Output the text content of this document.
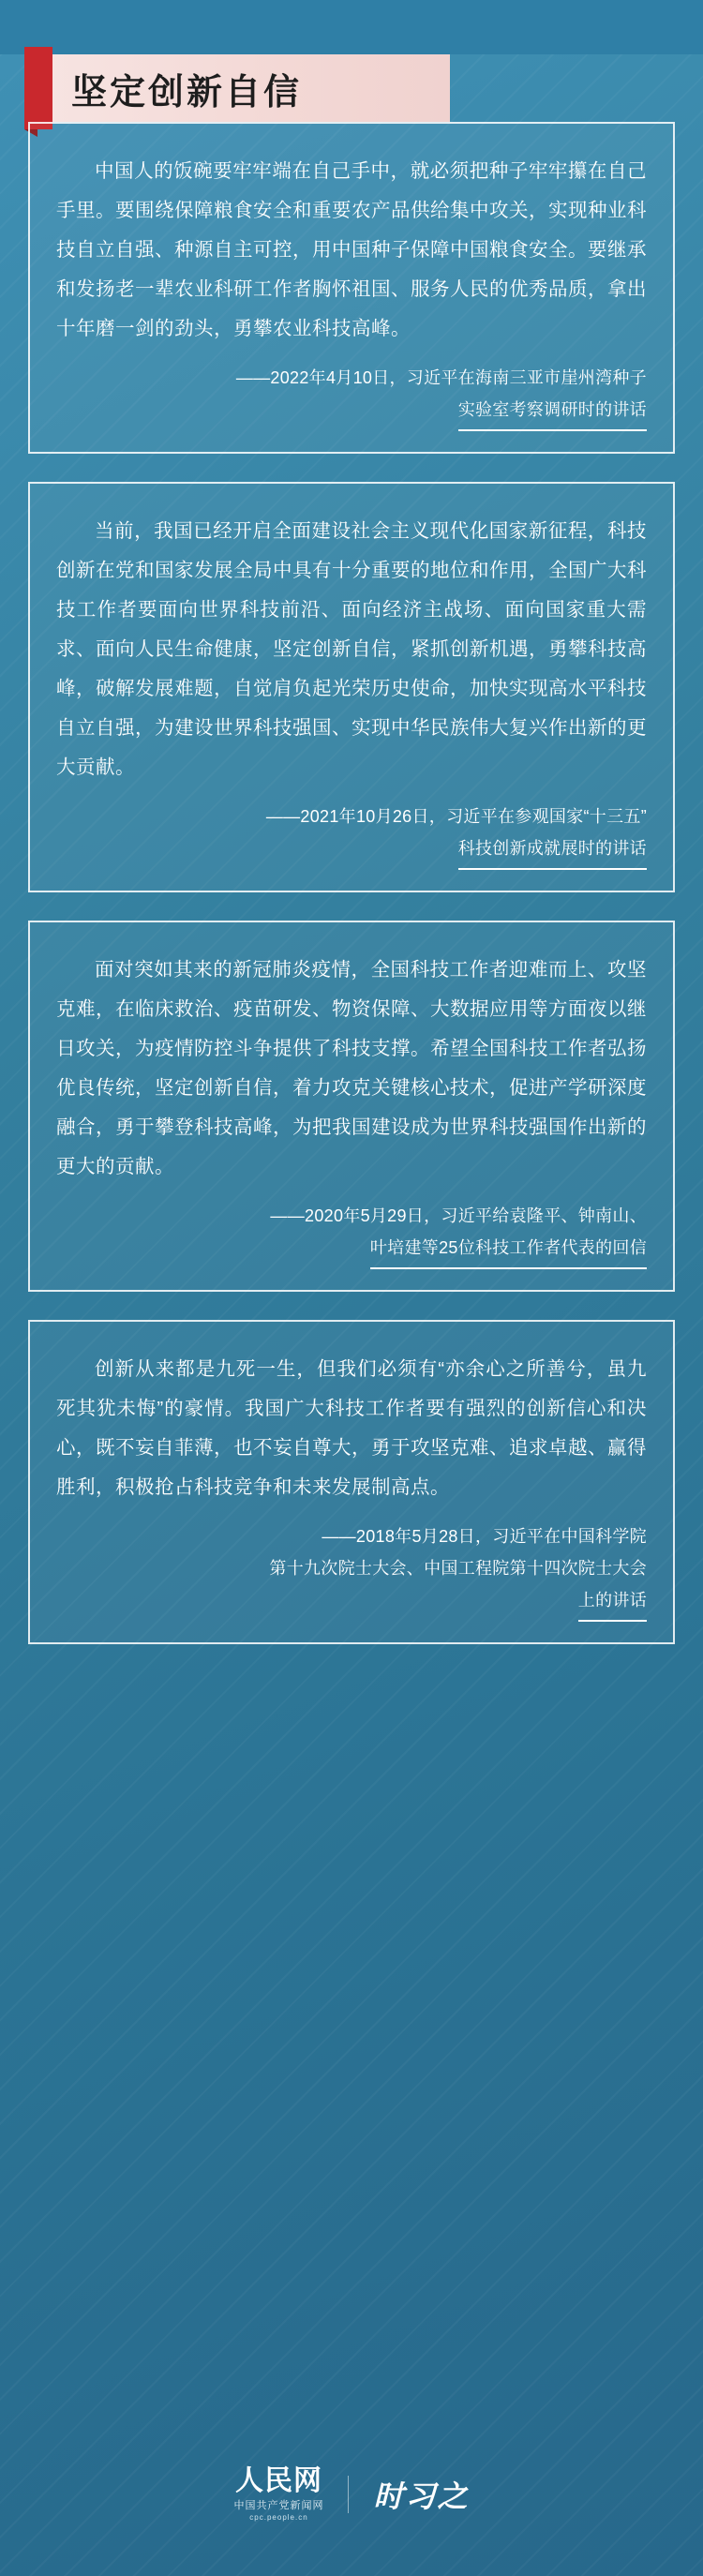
坚定创新自信
中国人的饭碗要牢牢端在自己手中，就必须把种子牢牢攥在自己手里。要围绕保障粮食安全和重要农产品供给集中攻关，实现种业科技自立自强、种源自主可控，用中国种子保障中国粮食安全。要继承和发扬老一辈农业科研工作者胸怀祖国、服务人民的优秀品质，拿出十年磨一剑的劲头，勇攀农业科技高峰。
——2022年4月10日，习近平在海南三亚市崖州湾种子
实验室考察调研时的讲话
当前，我国已经开启全面建设社会主义现代化国家新征程，科技创新在党和国家发展全局中具有十分重要的地位和作用，全国广大科技工作者要面向世界科技前沿、面向经济主战场、面向国家重大需求、面向人民生命健康，坚定创新自信，紧抓创新机遇，勇攀科技高峰，破解发展难题，自觉肩负起光荣历史使命，加快实现高水平科技自立自强，为建设世界科技强国、实现中华民族伟大复兴作出新的更大贡献。
——2021年10月26日，习近平在参观国家“十三五”
科技创新成就展时的讲话
面对突如其来的新冠肺炎疫情，全国科技工作者迎难而上、攻坚克难，在临床救治、疫苗研发、物资保障、大数据应用等方面夜以继日攻关，为疫情防控斗争提供了科技支撑。希望全国科技工作者弘扬优良传统，坚定创新自信，着力攻克关键核心技术，促进产学研深度融合，勇于攀登科技高峰，为把我国建设成为世界科技强国作出新的更大的贡献。
——2020年5月29日，习近平给袁隆平、钟南山、
叶培建等25位科技工作者代表的回信
创新从来都是九死一生，但我们必须有“亦余心之所善兮，虽九死其犹未悔”的豪情。我国广大科技工作者要有强烈的创新信心和决心，既不妄自菲薄，也不妄自尊大，勇于攻坚克难、追求卓越、赢得胜利，积极抢占科技竞争和未来发展制高点。
——2018年5月28日，习近平在中国科学院
第十九次院士大会、中国工程院第十四次院士大会
上的讲话
人民网
中国共产党新闻网
cpc.people.cn
时习之
